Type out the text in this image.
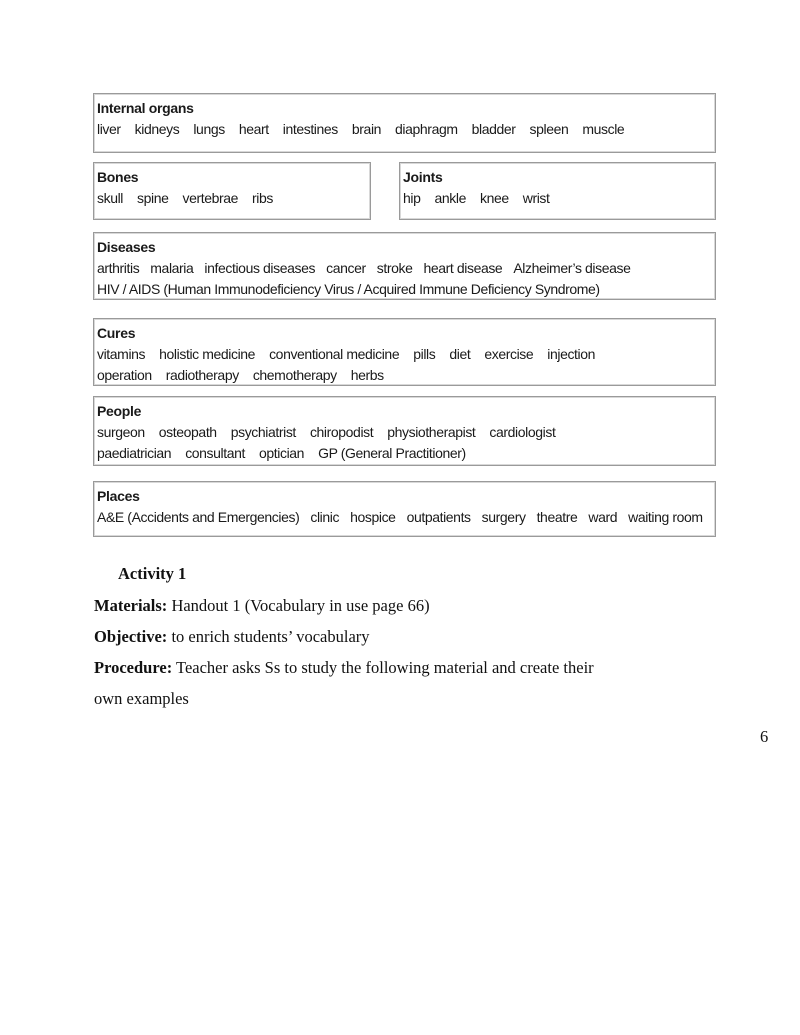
Internal organs
liver kidneys lungs heart intestines brain diaphragm bladder spleen muscle
Bones
skull spine vertebrae ribs
Joints
hip ankle knee wrist
Diseases
arthritis malaria infectious diseases cancer stroke heart disease Alzheimer’s disease
HIV / AIDS (Human Immunodeficiency Virus / Acquired Immune Deficiency Syndrome)
Cures
vitamins holistic medicine conventional medicine pills diet exercise injection
operation radiotherapy chemotherapy herbs
People
surgeon osteopath psychiatrist chiropodist physiotherapist cardiologist
paediatrician consultant optician GP (General Practitioner)
Places
A&E (Accidents and Emergencies) clinic hospice outpatients surgery theatre ward waiting room
Activity 1
Materials: Handout 1 (Vocabulary in use page 66)
Objective: to enrich students’ vocabulary
Procedure: Teacher asks Ss to study the following material and create their
own examples
6
